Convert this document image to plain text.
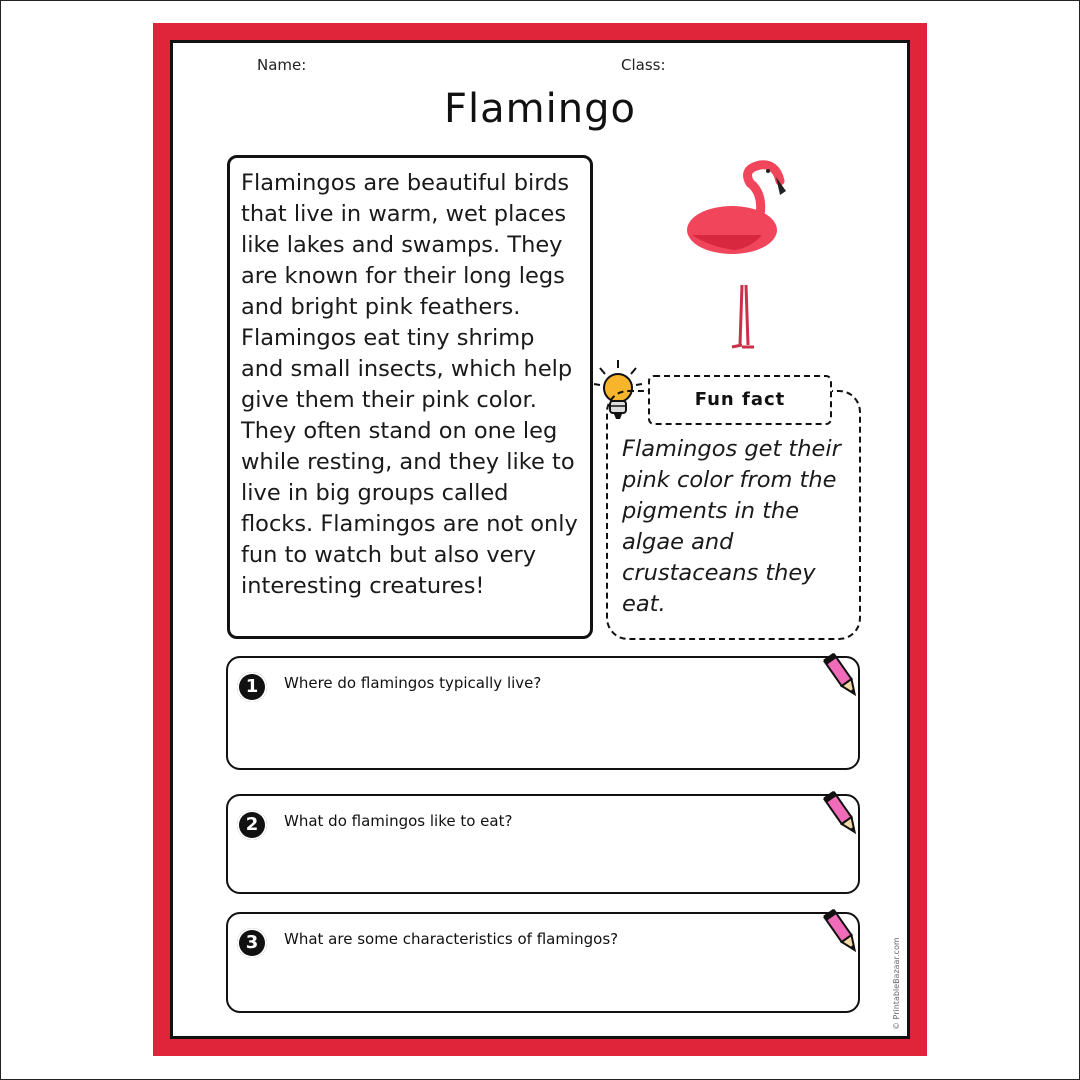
Name:	Class:
Flamingo

Flamingos are beautiful birds that live in warm, wet places like lakes and swamps. They are known for their long legs and bright pink feathers. Flamingos eat tiny shrimp and small insects, which help give them their pink color. They often stand on one leg while resting, and they like to live in big groups called flocks. Flamingos are not only fun to watch but also very interesting creatures!

Flamingos get their pink color from the pigments in the algae and crustaceans they eat.

Fun fact
1	Where do flamingos typically live?
2	What do flamingos like to eat?
3	What are some characteristics of flamingos?	© PrintableBazaar.com
